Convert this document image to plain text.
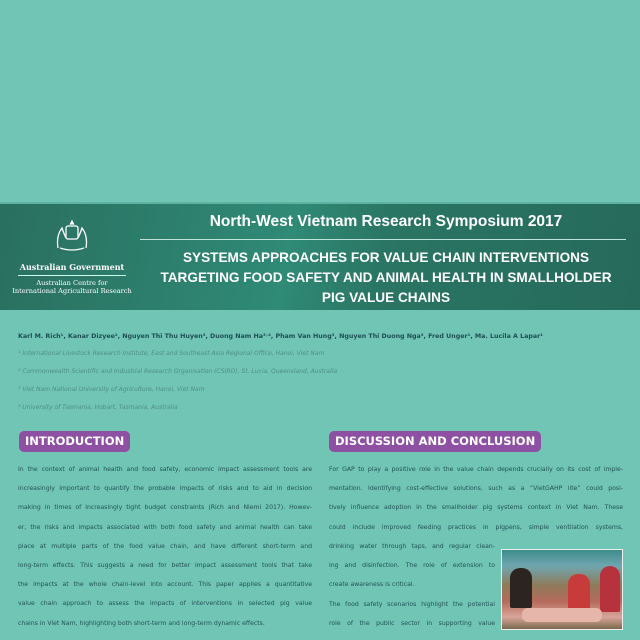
Australian Government
Australian Centre for
International Agricultural Research
North-West Vietnam Research Symposium 2017
SYSTEMS APPROACHES FOR VALUE CHAIN INTERVENTIONS
TARGETING FOOD SAFETY AND ANIMAL HEALTH IN SMALLHOLDER
PIG VALUE CHAINS
Karl M. Rich¹, Kanar Dizyee², Nguyen Thi Thu Huyen³, Duong Nam Ha³˒⁴, Pham Van Hung³, Nguyen Thi Duong Nga³, Fred Unger¹, Ma. Lucila A Lapar¹
¹ International Livestock Research Institute, East and Southeast Asia Regional Office, Hanoi, Viet Nam
² Commonwealth Scientific and Industrial Research Organisation (CSIRO), St. Lucia, Queensland, Australia
³ Viet Nam National University of Agriculture, Hanoi, Viet Nam
⁴ University of Tasmania, Hobart, Tasmania, Australia
INTRODUCTION
In the context of animal health and food safety, economic impact assessment tools are
increasingly important to quantify the probable impacts of risks and to aid in decision
making in times of increasingly tight budget constraints (Rich and Niemi 2017). Howev-
er, the risks and impacts associated with both food safety and animal health can take
place at multiple parts of the food value chain, and have different short-term and
long-term effects. This suggests a need for better impact assessment tools that take
the impacts at the whole chain-level into account. This paper applies a quantitative
value chain approach to assess the impacts of interventions in selected pig value
chains in Viet Nam, highlighting both short-term and long-term dynamic effects.
DISCUSSION AND CONCLUSION
For GAP to play a positive role in the value chain depends crucially on its cost of imple-
mentation. Identifying cost-effective solutions, such as a “VietGAHP lite” could posi-
tively influence adoption in the smallholder pig systems context in Viet Nam. These
could include improved feeding practices in pigpens, simple ventilation systems,
drinking water through taps, and regular clean-
ing and disinfection. The role of extension to
create awareness is critical.
The food safety scenarios highlight the potential
role of the public sector in supporting value
